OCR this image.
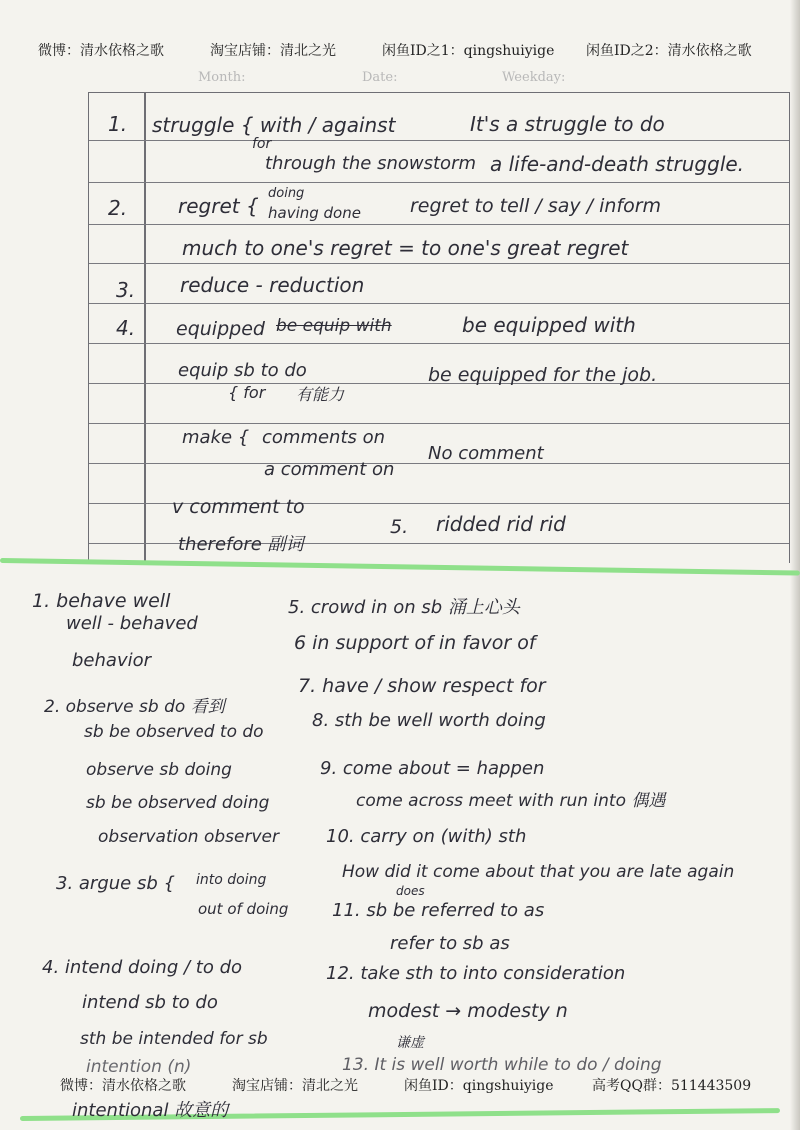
微博：清水依格之歌	淘宝店铺：清北之光	闲鱼ID之1：qingshuiyige 闲鱼ID之2：清水依格之歌
Month:	Date:	Weekday:
1. struggle { with / against
for
through the snowstorm
It's a struggle to do
a life-and-death struggle.
2.	regret {
doing
having done	regret to tell / say / inform
much to one's regret = to one's great regret
3. reduce - reduction
4. equipped be equip with	be equipped with
equip sb to do
{ for 有能力
be equipped for the job.
make { comments on
a comment on
No comment
v comment to
therefore 副词
5. ridded rid rid
1. behave well
well - behaved
behavior
2. observe sb do 看到
sb be observed to do
observe sb doing
sb be observed doing
observation observer
3. argue sb { into doing
out of doing
4. intend doing / to do
intend sb to do
sth be intended for sb
intention (n)
intentional 故意的
5. crowd in on sb 涌上心头
6 in support of in favor of
7. have / show respect for
8. sth be well worth doing
9. come about = happen
come across meet with run into 偶遇
10. carry on (with) sth
How did it come about that you are late again
does
11. sb be referred to as
refer to sb as
12. take sth to into consideration
modest → modesty n
谦虚
13. It is well worth while to do / doing
微博：清水依格之歌	淘宝店铺：清北之光	闲鱼ID：qingshuiyige	高考QQ群：511443509
